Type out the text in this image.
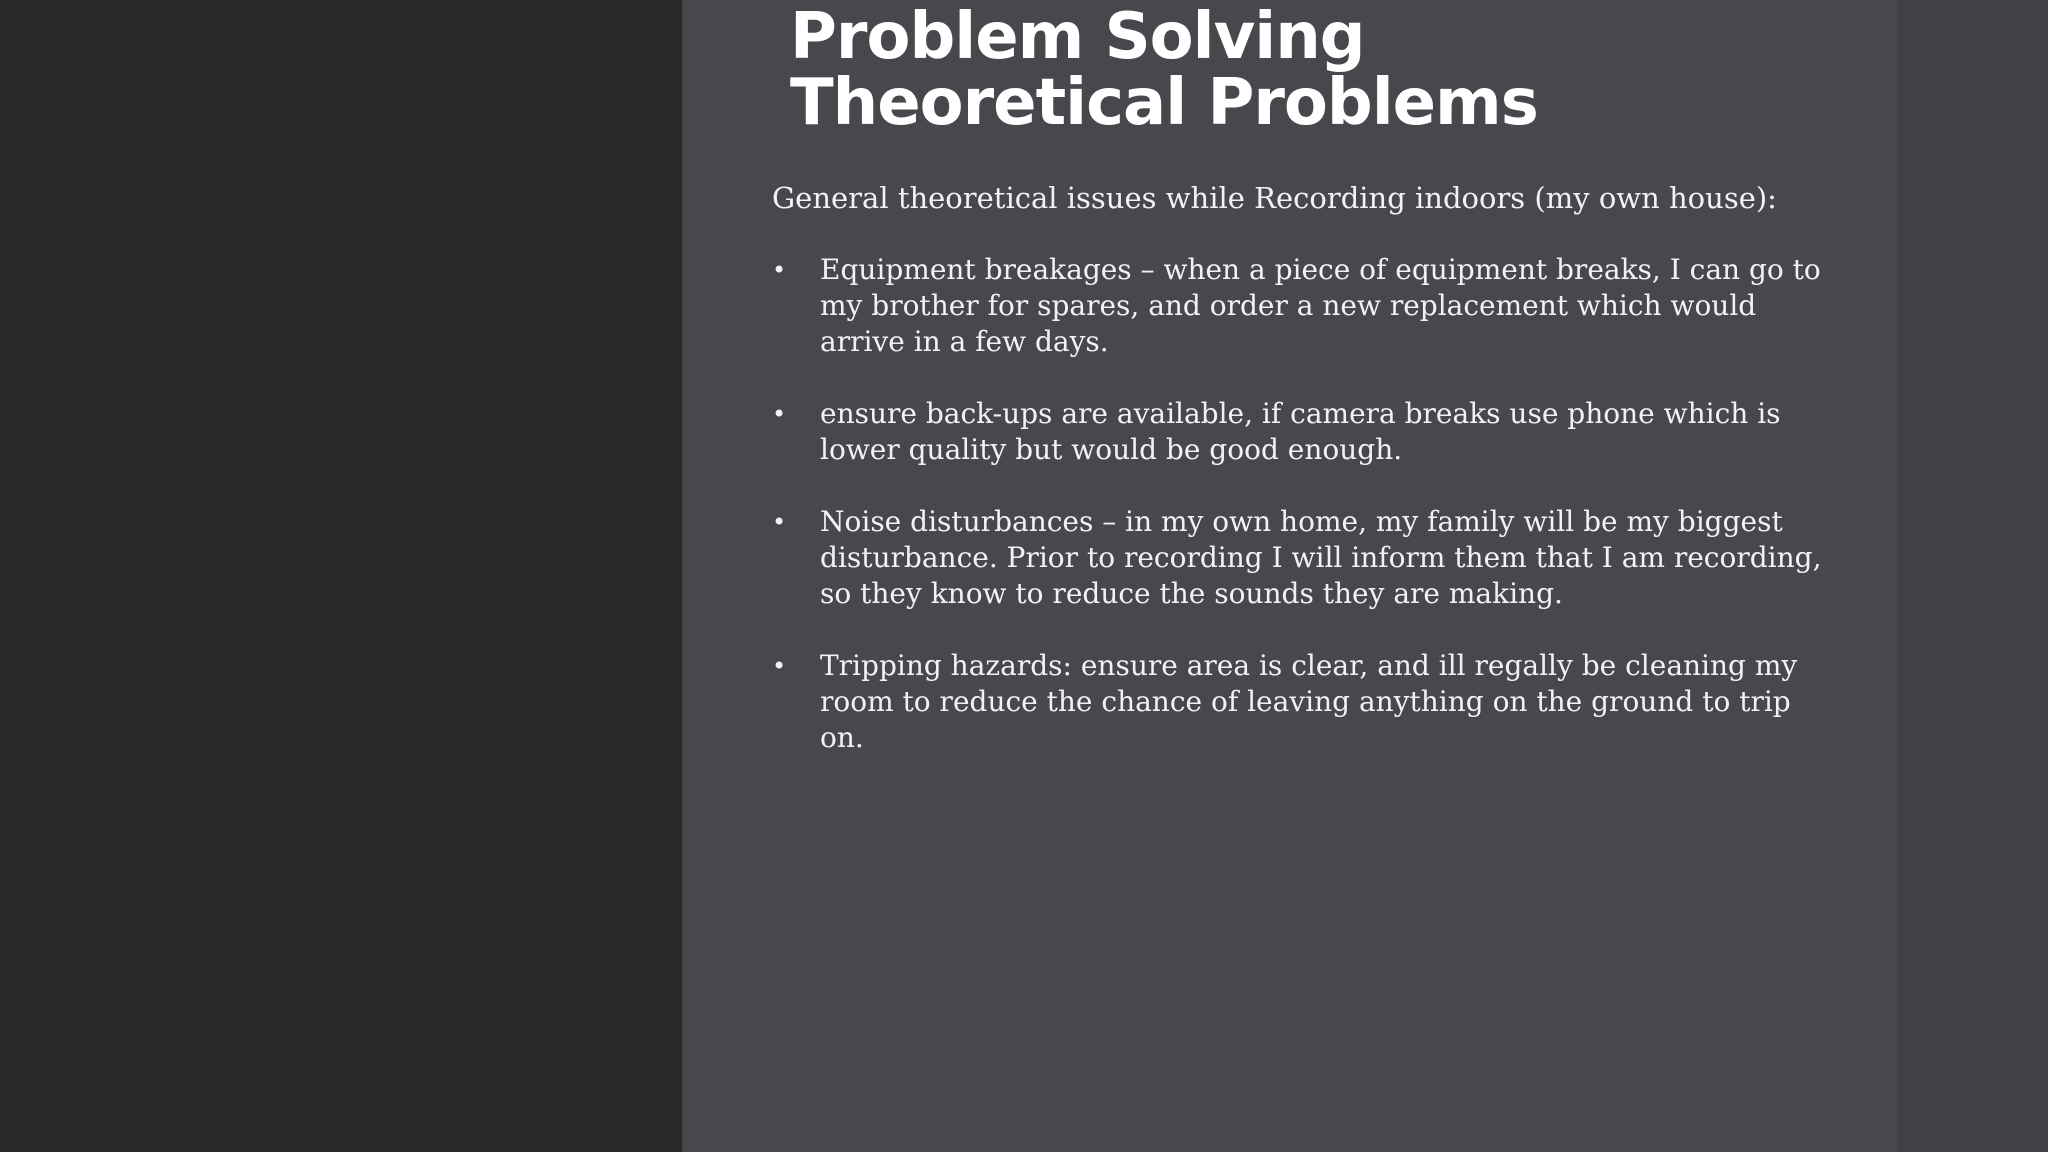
Problem Solving
Theoretical Problems

General theoretical issues while Recording indoors (my own house):

• Equipment breakages – when a piece of equipment breaks, I can go to my brother for spares, and order a new replacement which would arrive in a few days.
• ensure back-ups are available, if camera breaks use phone which is lower quality but would be good enough.
• Noise disturbances – in my own home, my family will be my biggest disturbance. Prior to recording I will inform them that I am recording, so they know to reduce the sounds they are making.
• Tripping hazards: ensure area is clear, and ill regally be cleaning my room to reduce the chance of leaving anything on the ground to trip on.
